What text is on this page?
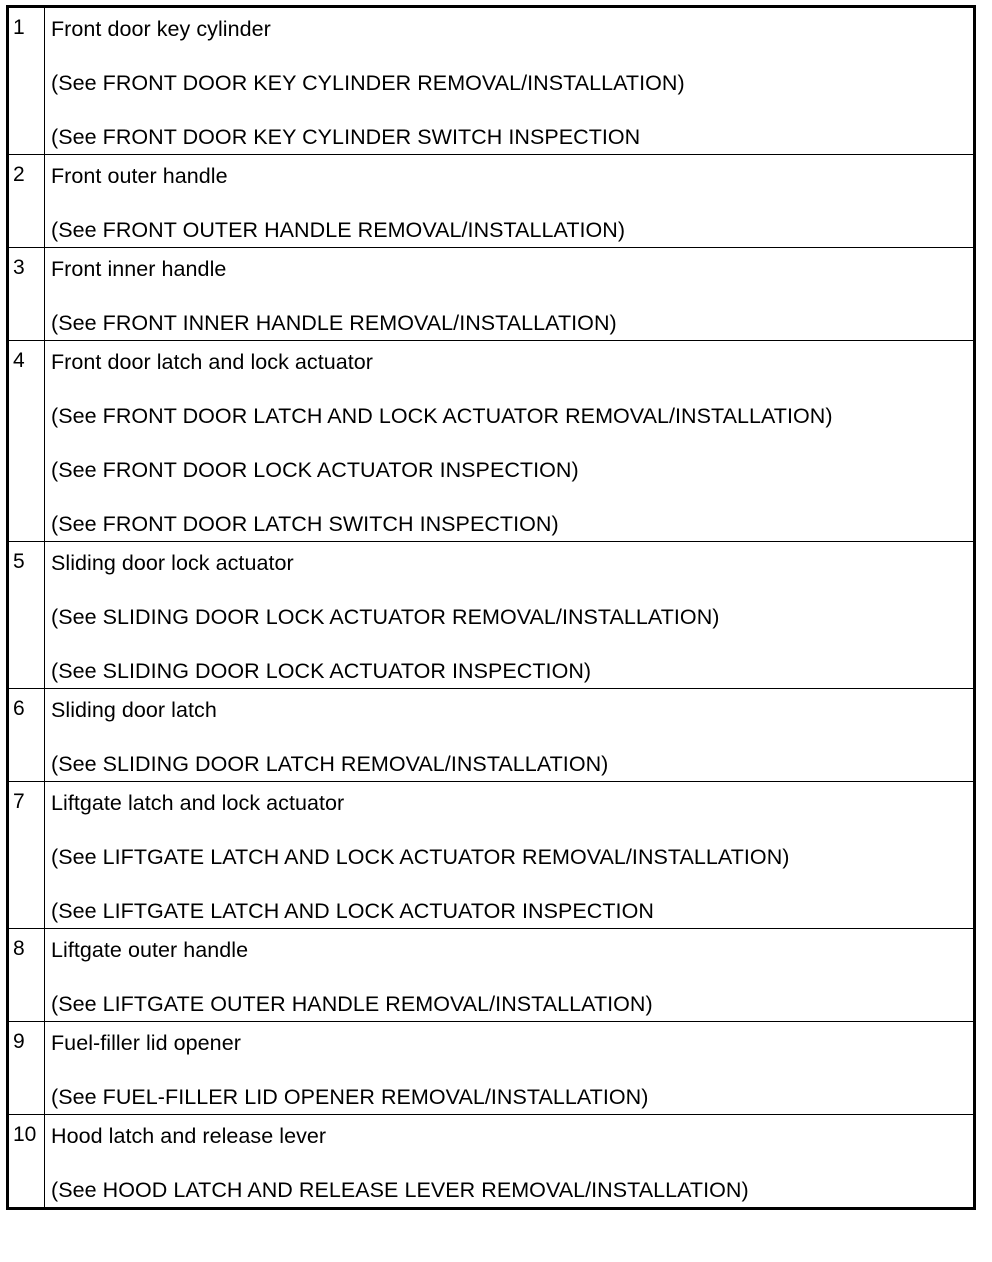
1	Front door key cylinder
(See FRONT DOOR KEY CYLINDER REMOVAL/INSTALLATION)
(See FRONT DOOR KEY CYLINDER SWITCH INSPECTION

2	Front outer handle
(See FRONT OUTER HANDLE REMOVAL/INSTALLATION)

3	Front inner handle
(See FRONT INNER HANDLE REMOVAL/INSTALLATION)

4	Front door latch and lock actuator
(See FRONT DOOR LATCH AND LOCK ACTUATOR REMOVAL/INSTALLATION)
(See FRONT DOOR LOCK ACTUATOR INSPECTION)
(See FRONT DOOR LATCH SWITCH INSPECTION)

5	Sliding door lock actuator
(See SLIDING DOOR LOCK ACTUATOR REMOVAL/INSTALLATION)
(See SLIDING DOOR LOCK ACTUATOR INSPECTION)

6	Sliding door latch
(See SLIDING DOOR LATCH REMOVAL/INSTALLATION)

7	Liftgate latch and lock actuator
(See LIFTGATE LATCH AND LOCK ACTUATOR REMOVAL/INSTALLATION)
(See LIFTGATE LATCH AND LOCK ACTUATOR INSPECTION

8	Liftgate outer handle
(See LIFTGATE OUTER HANDLE REMOVAL/INSTALLATION)

9	Fuel-filler lid opener
(See FUEL-FILLER LID OPENER REMOVAL/INSTALLATION)

10	Hood latch and release lever
(See HOOD LATCH AND RELEASE LEVER REMOVAL/INSTALLATION)
